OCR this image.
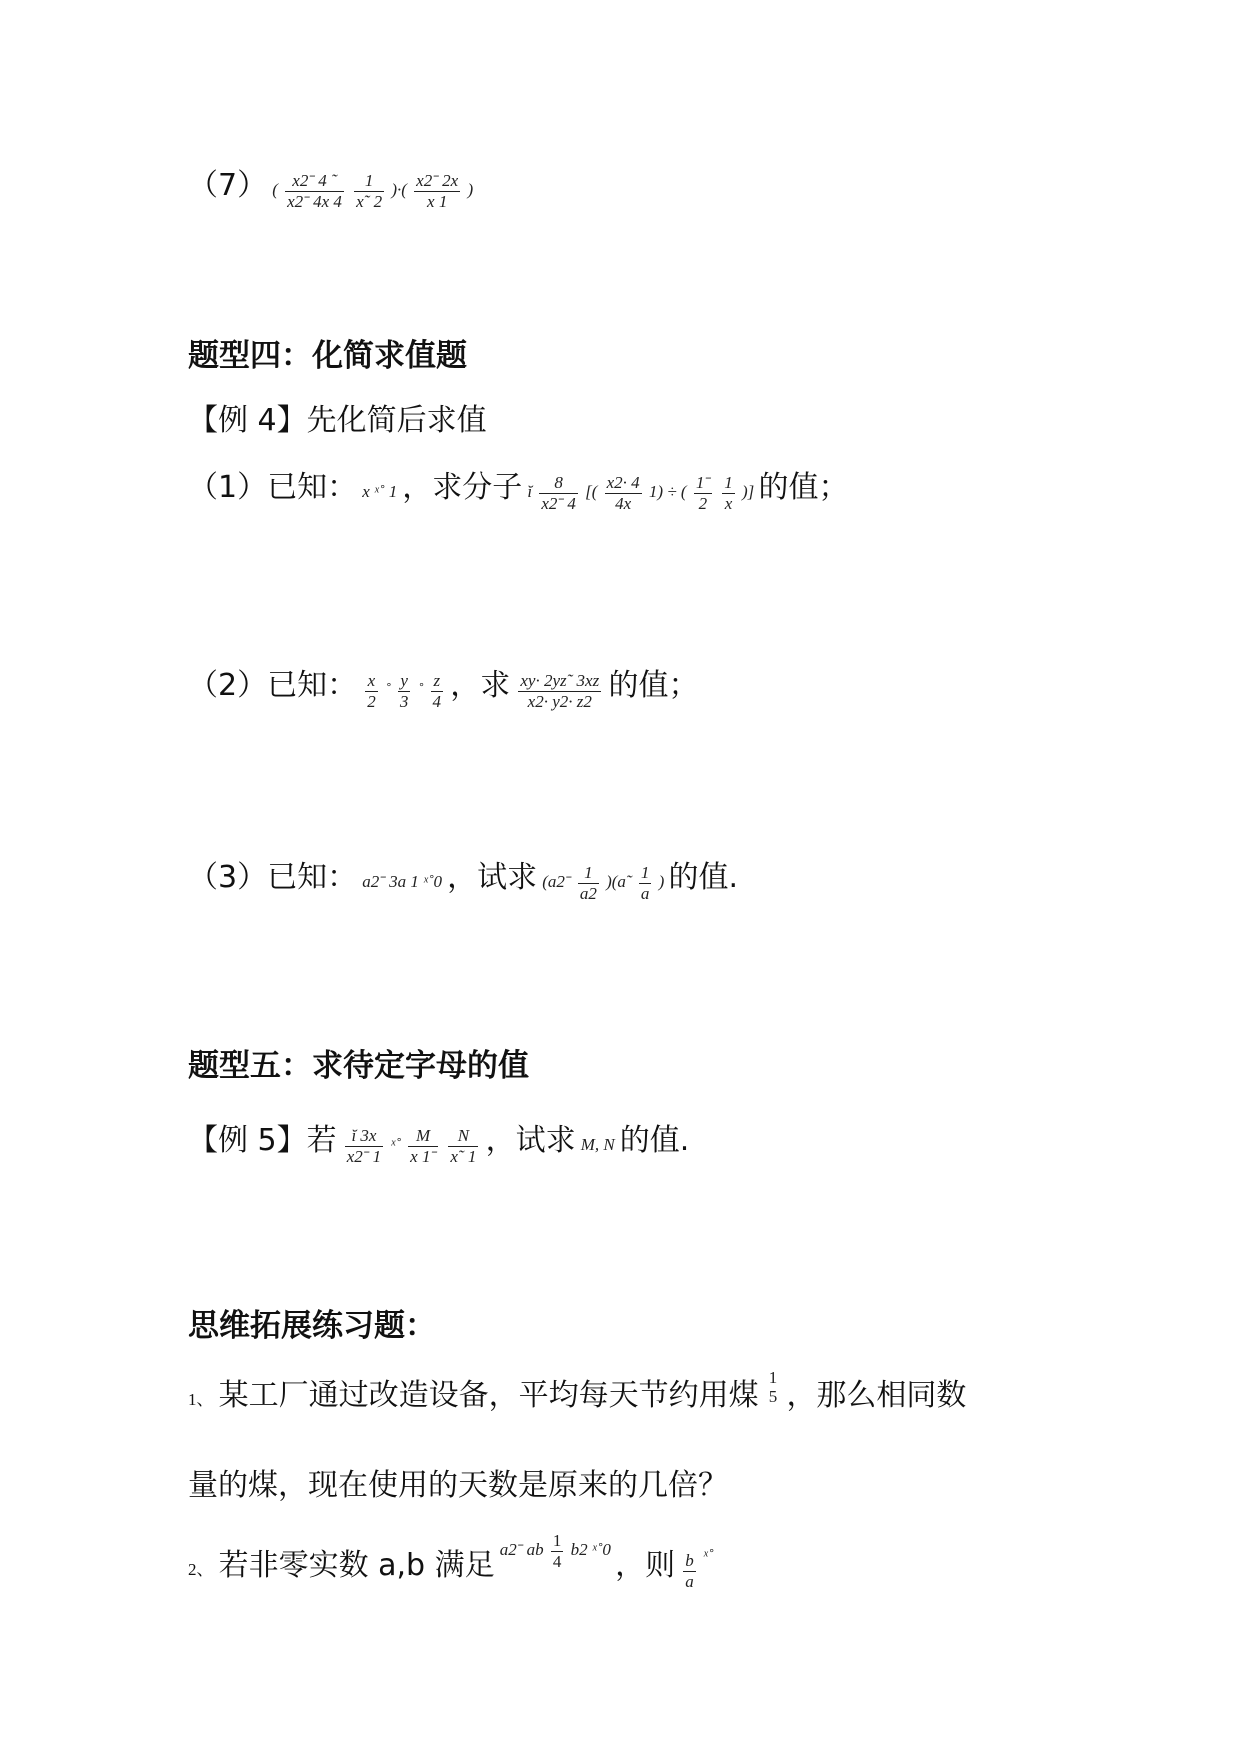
（7） ( $\frac{\text{x2ˉ 4 ˜}}{\text{x2ˉ 4x 4}}$
$\frac{1}{x˜ 2}$ )·( $\frac{\text{x2ˉ 2x}}{x 1}$ )
题型四：化简求值题
【例 4】先化简后求值
（1）已知： x ˣ˚ 1 ，求分子 ĭ $\frac{8}{\text{x2ˉ 4}}$ [( $\frac{x2\cdot 4}{4x} 1$) ÷ ( $\frac{\text{1ˉ}}{2}$
$\frac{1}{x}$ )] 的值；
（2）已知： $\frac{x}{2}$ ˚ $\frac{y}{3}$ ˚ $\frac{z}{4}$ ，求 $\frac{xy\cdot 2yz˜ 3xz}{x2\cdot y2\cdot z2}$ 的值；
（3）已知： a2ˉ 3a 1 ˣ˚0 ，试求 (a2ˉ $\frac{1}{a2}$ )(a˜ $\frac{1}{a}$ ) 的值.
题型五：求待定字母的值
【例 5】若 $\frac{ĭ 3x}{\text{x2ˉ 1}}$ ˣ˚ $\frac{M}{\text{x 1ˉ}}$
$\frac{N}{x˜ 1}$ ，试求 M, N 的值.
思维拓展练习题：
1、 某工厂通过改造设备，平均每天节约用煤
1
5 ，那么相同数
量的煤，现在使用的天数是原来的几倍？
2、 若非零实数 a,b 满足 a2ˉ ab $\frac{1}{4} b2$ ˣ˚0 ，则 $\frac{b}{a}$ ˣ˚
